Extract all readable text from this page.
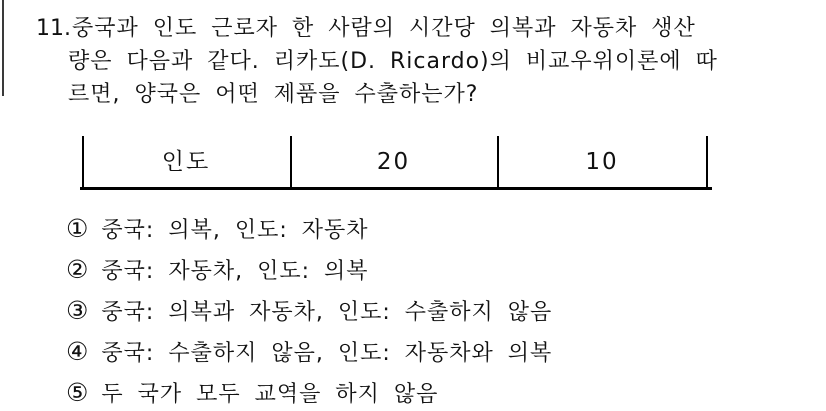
11. 중국과 인도 근로자 한 사람의 시간당 의복과 자동차 생산
량은 다음과 같다. 리카도(D. Ricardo)의 비교우위이론에 따
르면, 양국은 어떤 제품을 수출하는가?
인도	20	10
① 중국: 의복, 인도: 자동차
② 중국: 자동차, 인도: 의복
③ 중국: 의복과 자동차, 인도: 수출하지 않음
④ 중국: 수출하지 않음, 인도: 자동차와 의복
⑤ 두 국가 모두 교역을 하지 않음
